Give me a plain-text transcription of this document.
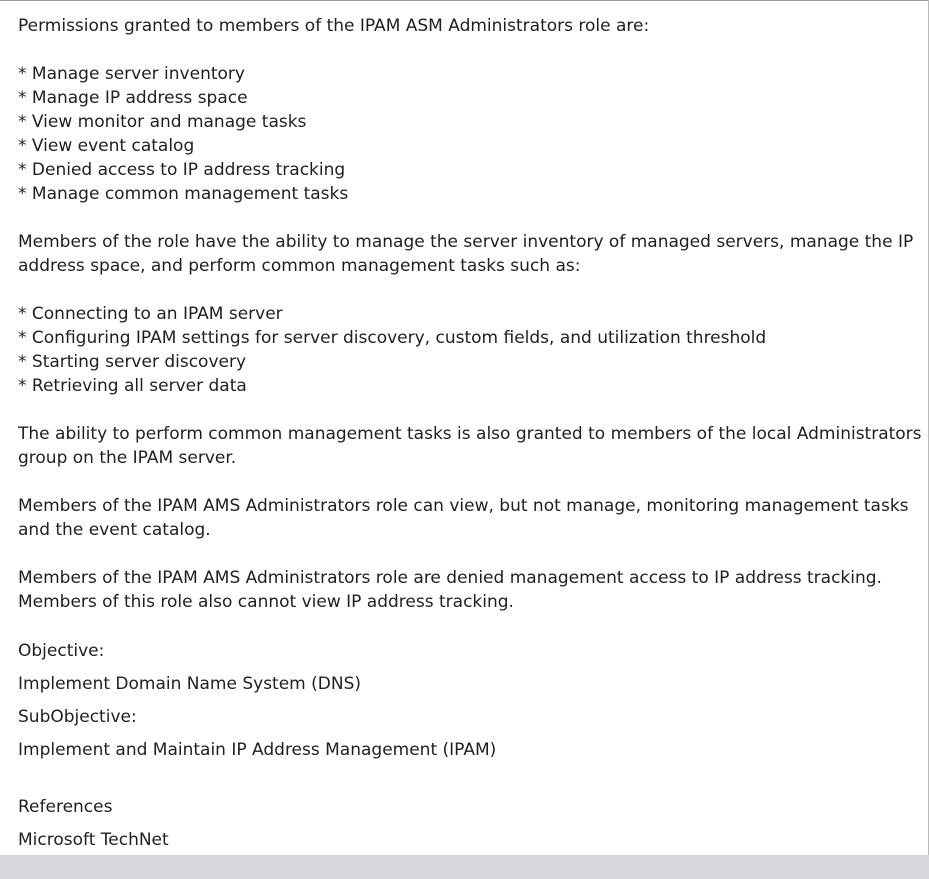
Permissions granted to members of the IPAM ASM Administrators role are:
* Manage server inventory
* Manage IP address space
* View monitor and manage tasks
* View event catalog
* Denied access to IP address tracking
* Manage common management tasks
Members of the role have the ability to manage the server inventory of managed servers, manage the IP
address space, and perform common management tasks such as:
* Connecting to an IPAM server
* Configuring IPAM settings for server discovery, custom fields, and utilization threshold
* Starting server discovery
* Retrieving all server data
The ability to perform common management tasks is also granted to members of the local Administrators
group on the IPAM server.
Members of the IPAM AMS Administrators role can view, but not manage, monitoring management tasks
and the event catalog.
Members of the IPAM AMS Administrators role are denied management access to IP address tracking.
Members of this role also cannot view IP address tracking.
Objective:
Implement Domain Name System (DNS)
SubObjective:
Implement and Maintain IP Address Management (IPAM)
References
Microsoft TechNet
